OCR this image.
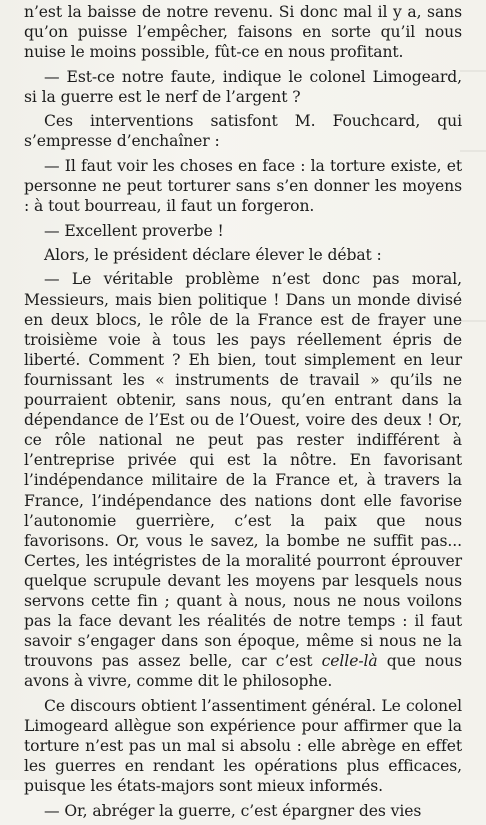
n’est la baisse de notre revenu. Si donc mal il y a, sans qu’on puisse l’empêcher, faisons en sorte qu’il nous nuise le moins possible, fût-ce en nous profitant.

— Est-ce notre faute, indique le colonel Limogeard, si la guerre est le nerf de l’argent ?

Ces interventions satisfont M. Fouchcard, qui s’empresse d’enchaîner :

— Il faut voir les choses en face : la torture existe, et personne ne peut torturer sans s’en donner les moyens : à tout bourreau, il faut un forgeron.

— Excellent proverbe !

Alors, le président déclare élever le débat :

— Le véritable problème n’est donc pas moral, Messieurs, mais bien politique ! Dans un monde divisé en deux blocs, le rôle de la France est de frayer une troisième voie à tous les pays réellement épris de liberté. Comment ? Eh bien, tout simplement en leur fournissant les « instruments de travail » qu’ils ne pourraient obtenir, sans nous, qu’en entrant dans la dépendance de l’Est ou de l’Ouest, voire des deux ! Or, ce rôle national ne peut pas rester indifférent à l’entreprise privée qui est la nôtre. En favorisant l’indépendance militaire de la France et, à travers la France, l’indépendance des nations dont elle favorise l’autonomie guerrière, c’est la paix que nous favorisons. Or, vous le savez, la bombe ne suffit pas... Certes, les intégristes de la moralité pourront éprouver quelque scrupule devant les moyens par lesquels nous servons cette fin ; quant à nous, nous ne nous voilons pas la face devant les réalités de notre temps : il faut savoir s’engager dans son époque, même si nous ne la trouvons pas assez belle, car c’est celle-là que nous avons à vivre, comme dit le philosophe.

Ce discours obtient l’assentiment général. Le colonel Limogeard allègue son expérience pour affirmer que la torture n’est pas un mal si absolu : elle abrège en effet les guerres en rendant les opérations plus efficaces, puisque les états-majors sont mieux informés.

— Or, abréger la guerre, c’est épargner des vies
